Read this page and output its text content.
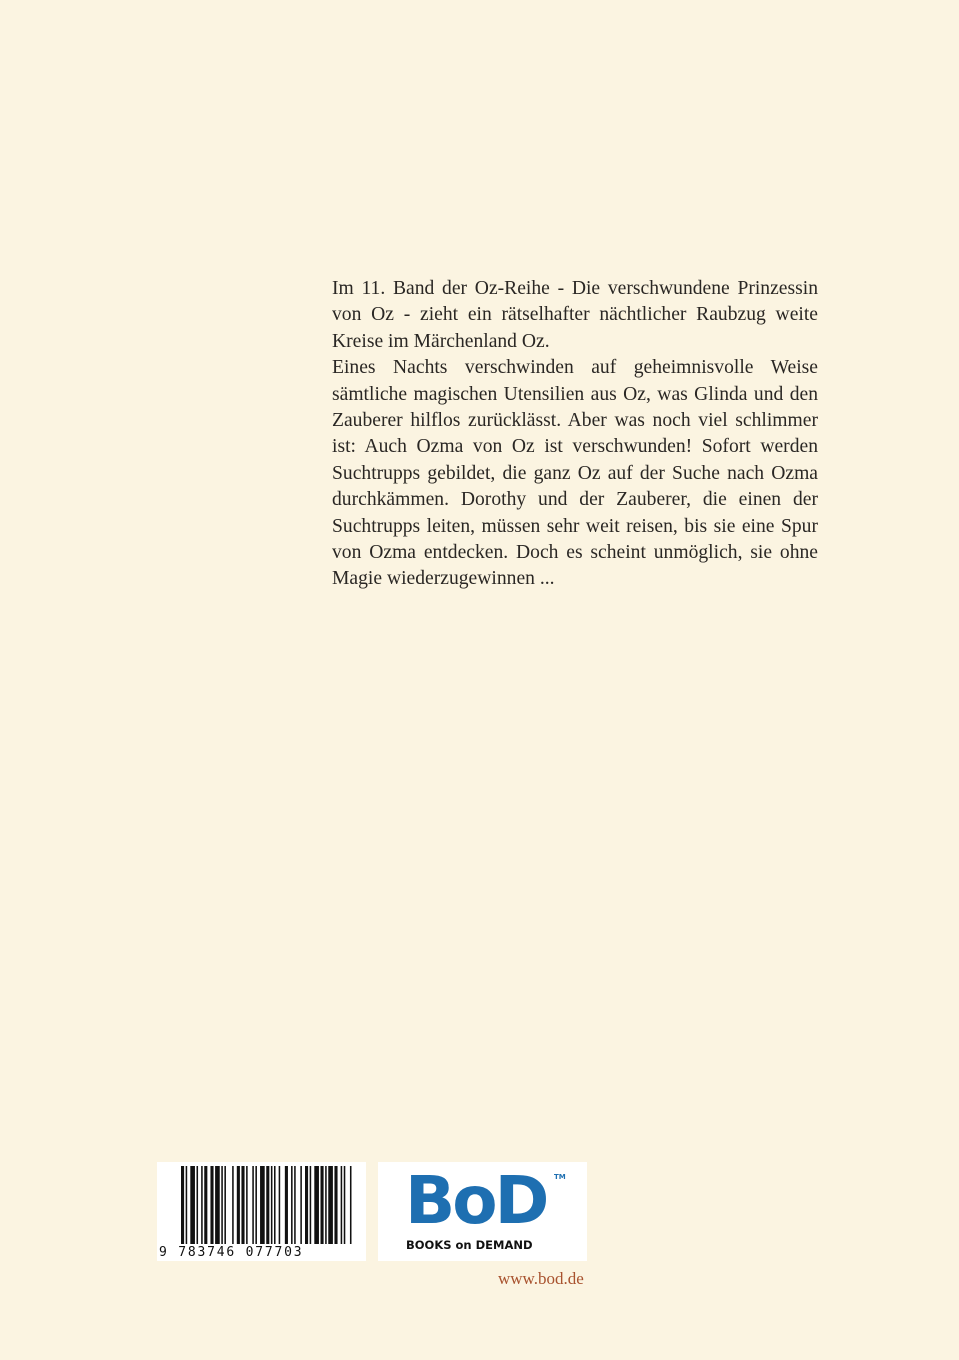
Im 11. Band der Oz-Reihe - Die verschwundene Prinzessin von Oz - zieht ein rätselhafter nächtlicher Raubzug weite Kreise im Märchenland Oz.

Eines Nachts verschwinden auf geheimnisvolle Weise sämtliche magischen Utensilien aus Oz, was Glinda und den Zauberer hilflos zurücklässt. Aber was noch viel schlimmer ist: Auch Ozma von Oz ist verschwunden! Sofort werden Suchtrupps gebildet, die ganz Oz auf der Suche nach Ozma durchkämmen. Dorothy und der Zauberer, die einen der Suchtrupps leiten, müssen sehr weit reisen, bis sie eine Spur von Ozma entdecken. Doch es scheint unmöglich, sie ohne Magie wiederzugewinnen ...

9 783746 077703
BoD TM
BOOKS on DEMAND
www.bod.de
